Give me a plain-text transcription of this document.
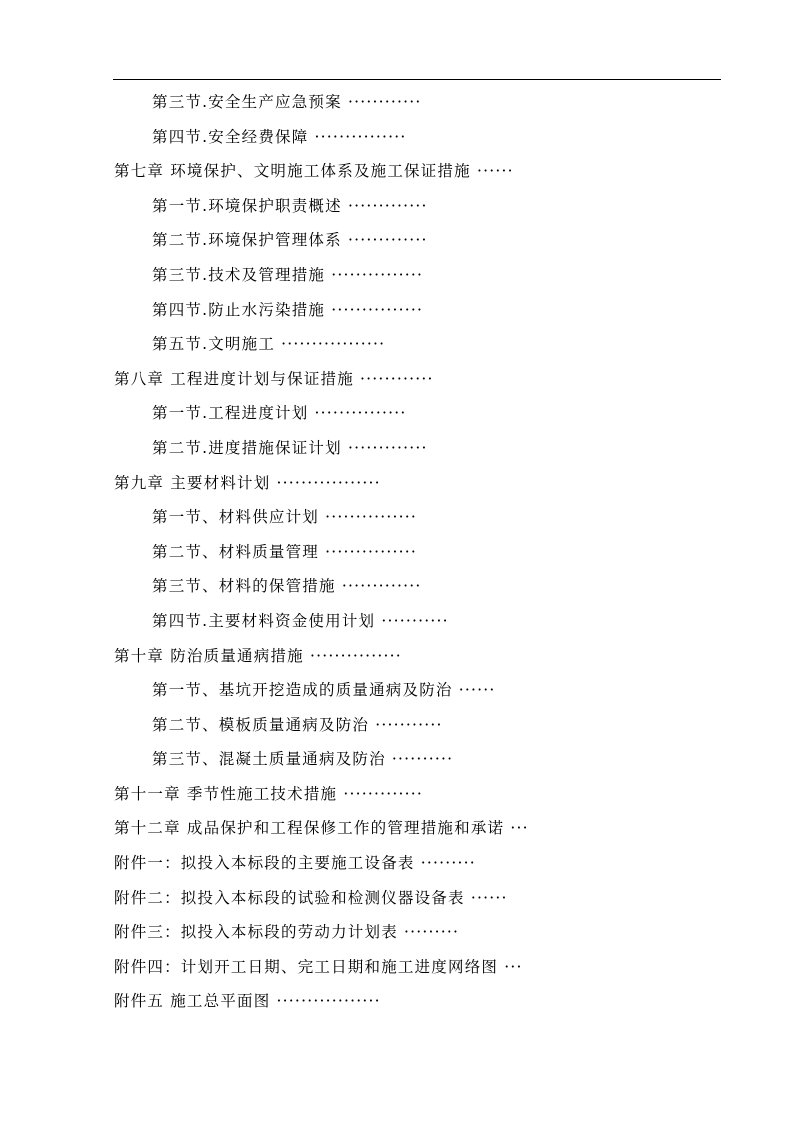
第三节.安全生产应急预案 ············
第四节.安全经费保障 ···············
第七章 环境保护、文明施工体系及施工保证措施 ······
第一节.环境保护职责概述 ·············
第二节.环境保护管理体系 ·············
第三节.技术及管理措施 ···············
第四节.防止水污染措施 ···············
第五节.文明施工 ·················
第八章 工程进度计划与保证措施 ············
第一节.工程进度计划 ···············
第二节.进度措施保证计划 ·············
第九章 主要材料计划 ·················
第一节、材料供应计划 ···············
第二节、材料质量管理 ···············
第三节、材料的保管措施 ·············
第四节.主要材料资金使用计划 ···········
第十章 防治质量通病措施 ···············
第一节、基坑开挖造成的质量通病及防治 ······
第二节、模板质量通病及防治 ···········
第三节、混凝土质量通病及防治 ··········
第十一章 季节性施工技术措施 ·············
第十二章 成品保护和工程保修工作的管理措施和承诺 ···
附件一：拟投入本标段的主要施工设备表 ·········
附件二：拟投入本标段的试验和检测仪器设备表 ······
附件三：拟投入本标段的劳动力计划表 ·········
附件四：计划开工日期、完工日期和施工进度网络图 ···
附件五 施工总平面图 ·················
